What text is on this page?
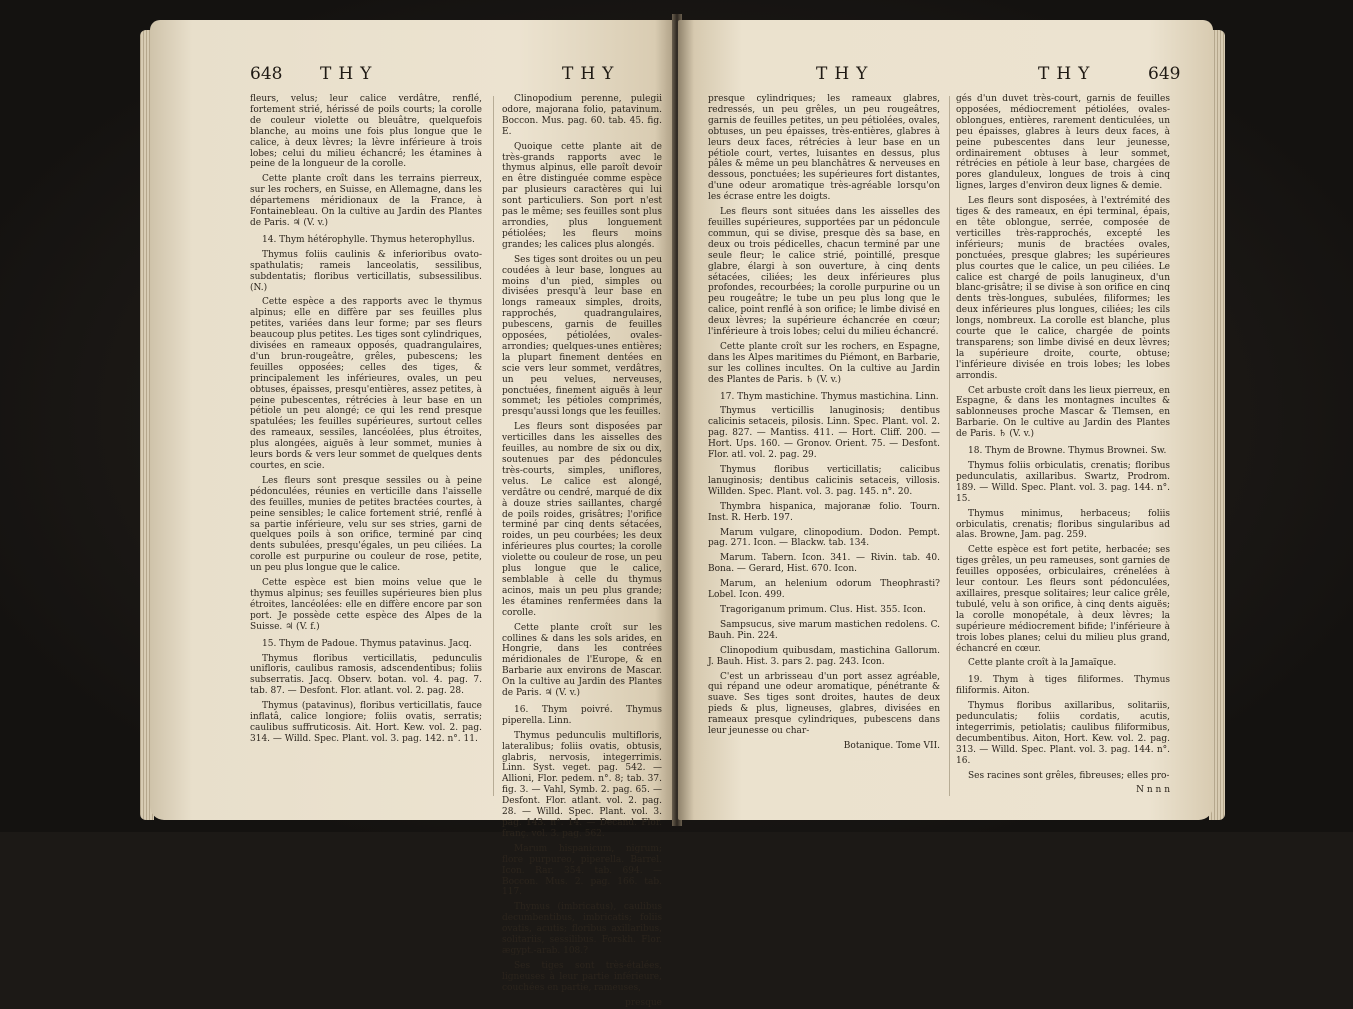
648 THY	THY

fleurs, velus; leur calice verdâtre, renflé, fortement strié, hérissé de poils courts; la corolle de couleur violette ou bleuâtre, quelquefois blanche, au moins une fois plus longue que le calice, à deux lèvres; la lèvre inférieure à trois lobes; celui du milieu échancré; les étamines à peine de la longueur de la corolle.

Cette plante croît dans les terrains pierreux, sur les rochers, en Suisse, en Allemagne, dans les départemens méridionaux de la France, à Fontainebleau. On la cultive au Jardin des Plantes de Paris. ♃ (V. v.)

14. Thym hétérophylle. Thymus heterophyllus.

Thymus foliis caulinis & inferioribus ovato-spathulatis; rameis lanceolatis, sessilibus, subdentatis; floribus verticillatis, subsessilibus. (N.)

Cette espèce a des rapports avec le thymus alpinus; elle en diffère par ses feuilles plus petites, variées dans leur forme; par ses fleurs beaucoup plus petites. Les tiges sont cylindriques, divisées en rameaux opposés, quadrangulaires, d'un brun-rougeâtre, grêles, pubescens; les feuilles opposées; celles des tiges, & principalement les inférieures, ovales, un peu obtuses, épaisses, presqu'entières, assez petites, à peine pubescentes, rétrécies à leur base en un pétiole un peu alongé; ce qui les rend presque spatulées; les feuilles supérieures, surtout celles des rameaux, sessiles, lancéolées, plus étroites, plus alongées, aiguës à leur sommet, munies à leurs bords & vers leur sommet de quelques dents courtes, en scie.

Les fleurs sont presque sessiles ou à peine pédonculées, réunies en verticille dans l'aisselle des feuilles, munies de petites bractées courtes, à peine sensibles; le calice fortement strié, renflé à sa partie inférieure, velu sur ses stries, garni de quelques poils à son orifice, terminé par cinq dents subulées, presqu'égales, un peu ciliées. La corolle est purpurine ou couleur de rose, petite, un peu plus longue que le calice.

Cette espèce est bien moins velue que le thymus alpinus; ses feuilles supérieures bien plus étroites, lancéolées: elle en diffère encore par son port. Je possède cette espèce des Alpes de la Suisse. ♃ (V. f.)

15. Thym de Padoue. Thymus patavinus. Jacq.

Thymus floribus verticillatis, pedunculis unifloris, caulibus ramosis, adscendentibus; foliis subserratis. Jacq. Observ. botan. vol. 4. pag. 7. tab. 87. — Desfont. Flor. atlant. vol. 2. pag. 28.

Thymus (patavinus), floribus verticillatis, fauce inflatâ, calice longiore; foliis ovatis, serratis; caulibus suffruticosis. Ait. Hort. Kew. vol. 2. pag. 314. — Willd. Spec. Plant. vol. 3. pag. 142. n°. 11.

Clinopodium perenne, pulegii odore, majorana folio, patavinum. Boccon. Mus. pag. 60. tab. 45. fig. E.

Quoique cette plante ait de très-grands rapports avec le thymus alpinus, elle paroît devoir en être distinguée comme espèce par plusieurs caractères qui lui sont particuliers. Son port n'est pas le même; ses feuilles sont plus arrondies, plus longuement pétiolées; les fleurs moins grandes; les calices plus alongés.

Ses tiges sont droites ou un peu coudées à leur base, longues au moins d'un pied, simples ou divisées presqu'à leur base en longs rameaux simples, droits, rapprochés, quadrangulaires, pubescens, garnis de feuilles opposées, pétiolées, ovales-arrondies; quelques-unes entières; la plupart finement dentées en scie vers leur sommet, verdâtres, un peu velues, nerveuses, ponctuées, finement aiguës à leur sommet; les pétioles comprimés, presqu'aussi longs que les feuilles.

Les fleurs sont disposées par verticilles dans les aisselles des feuilles, au nombre de six ou dix, soutenues par des pédoncules très-courts, simples, uniflores, velus. Le calice est alongé, verdâtre ou cendré, marqué de dix à douze stries saillantes, chargé de poils roides, grisâtres; l'orifice terminé par cinq dents sétacées, roides, un peu courbées; les deux inférieures plus courtes; la corolle violette ou couleur de rose, un peu plus longue que le calice, semblable à celle du thymus acinos, mais un peu plus grande; les étamines renfermées dans la corolle.

Cette plante croît sur les collines & dans les sols arides, en Hongrie, dans les contrées méridionales de l'Europe, & en Barbarie aux environs de Mascar. On la cultive au Jardin des Plantes de Paris. ♃ (V. v.)

16. Thym poivré. Thymus piperella. Linn.

Thymus pedunculis multifloris, lateralibus; foliis ovatis, obtusis, glabris, nervosis, integerrimis. Linn. Syst. veget. pag. 542. — Allioni, Flor. pedem. n°. 8; tab. 37. fig. 3. — Vahl, Symb. 2. pag. 65. — Desfont. Flor. atlant. vol. 2. pag. 28. — Willd. Spec. Plant. vol. 3. pag. 143. n°. 14. — Decand. Flor. franç. vol. 3. pag. 562.

Marum hispanicum, nigrum; flore purpureo, piperella. Barrel. Icon. Rar. 354. tab. 694. — Boccon. Mus. 2. pag. 166. tab. 117.

Thymus (imbricatus), caulibus decumbentibus, imbricatis; foliis ovatis, acutis; floribus axillaribus, solitariis, sessilibus. Forskh. Flor. ægypt.-arab. 108.?

Ses tiges sont très-étalées, ligneuses à leur partie inférieure, couchées en partie, rameuses,

presque

THY	THY	649

presque cylindriques; les rameaux glabres, redressés, un peu grêles, un peu rougeâtres, garnis de feuilles petites, un peu pétiolées, ovales, obtuses, un peu épaisses, très-entières, glabres à leurs deux faces, rétrécies à leur base en un pétiole court, vertes, luisantes en dessus, plus pâles & même un peu blanchâtres & nerveuses en dessous, ponctuées; les supérieures fort distantes, d'une odeur aromatique très-agréable lorsqu'on les écrase entre les doigts.

Les fleurs sont situées dans les aisselles des feuilles supérieures, supportées par un pédoncule commun, qui se divise, presque dès sa base, en deux ou trois pédicelles, chacun terminé par une seule fleur; le calice strié, pointillé, presque glabre, élargi à son ouverture, à cinq dents sétacées, ciliées; les deux inférieures plus profondes, recourbées; la corolle purpurine ou un peu rougeâtre; le tube un peu plus long que le calice, point renflé à son orifice; le limbe divisé en deux lèvres; la supérieure échancrée en cœur; l'inférieure à trois lobes; celui du milieu échancré.

Cette plante croît sur les rochers, en Espagne, dans les Alpes maritimes du Piémont, en Barbarie, sur les collines incultes. On la cultive au Jardin des Plantes de Paris. ♄ (V. v.)

17. Thym mastichine. Thymus mastichina. Linn.

Thymus verticillis lanuginosis; dentibus calicinis setaceis, pilosis. Linn. Spec. Plant. vol. 2. pag. 827. — Mantiss. 411. — Hort. Cliff. 200. — Hort. Ups. 160. — Gronov. Orient. 75. — Desfont. Flor. atl. vol. 2. pag. 29.

Thymus floribus verticillatis; calicibus lanuginosis; dentibus calicinis setaceis, villosis. Willden. Spec. Plant. vol. 3. pag. 145. n°. 20.

Thymbra hispanica, majoranæ folio. Tourn. Inst. R. Herb. 197.

Marum vulgare, clinopodium. Dodon. Pempt. pag. 271. Icon. — Blackw. tab. 134.

Marum. Tabern. Icon. 341. — Rivin. tab. 40. Bona. — Gerard, Hist. 670. Icon.

Marum, an helenium odorum Theophrasti? Lobel. Icon. 499.

Tragoriganum primum. Clus. Hist. 355. Icon.

Sampsucus, sive marum mastichen redolens. C. Bauh. Pin. 224.

Clinopodium quibusdam, mastichina Gallorum. J. Bauh. Hist. 3. pars 2. pag. 243. Icon.

C'est un arbrisseau d'un port assez agréable, qui répand une odeur aromatique, pénétrante & suave. Ses tiges sont droites, hautes de deux pieds & plus, ligneuses, glabres, divisées en rameaux presque cylindriques, pubescens dans leur jeunesse ou char-

Botanique. Tome VII.

gés d'un duvet très-court, garnis de feuilles opposées, médiocrement pétiolées, ovales-oblongues, entières, rarement denticulées, un peu épaisses, glabres à leurs deux faces, à peine pubescentes dans leur jeunesse, ordinairement obtuses à leur sommet, rétrécies en pétiole à leur base, chargées de pores glanduleux, longues de trois à cinq lignes, larges d'environ deux lignes & demie.

Les fleurs sont disposées, à l'extrémité des tiges & des rameaux, en épi terminal, épais, en tête oblongue, serrée, composée de verticilles très-rapprochés, excepté les inférieurs; munis de bractées ovales, ponctuées, presque glabres; les supérieures plus courtes que le calice, un peu ciliées. Le calice est chargé de poils lanugineux, d'un blanc-grisâtre; il se divise à son orifice en cinq dents très-longues, subulées, filiformes; les deux inférieures plus longues, ciliées; les cils longs, nombreux. La corolle est blanche, plus courte que le calice, chargée de points transparens; son limbe divisé en deux lèvres; la supérieure droite, courte, obtuse; l'inférieure divisée en trois lobes; les lobes arrondis.

Cet arbuste croît dans les lieux pierreux, en Espagne, & dans les montagnes incultes & sablonneuses proche Mascar & Tlemsen, en Barbarie. On le cultive au Jardin des Plantes de Paris. ♄ (V. v.)

18. Thym de Browne. Thymus Brownei. Sw.

Thymus foliis orbiculatis, crenatis; floribus pedunculatis, axillaribus. Swartz, Prodrom. 189. — Willd. Spec. Plant. vol. 3. pag. 144. n°. 15.

Thymus minimus, herbaceus; foliis orbiculatis, crenatis; floribus singularibus ad alas. Browne, Jam. pag. 259.

Cette espèce est fort petite, herbacée; ses tiges grêles, un peu rameuses, sont garnies de feuilles opposées, orbiculaires, crénelées à leur contour. Les fleurs sont pédonculées, axillaires, presque solitaires; leur calice grêle, tubulé, velu à son orifice, à cinq dents aiguës; la corolle monopétale, à deux lèvres; la supérieure médiocrement bifide; l'inférieure à trois lobes planes; celui du milieu plus grand, échancré en cœur.

Cette plante croît à la Jamaïque.

19. Thym à tiges filiformes. Thymus filiformis. Aiton.

Thymus floribus axillaribus, solitariis, pedunculatis; foliis cordatis, acutis, integerrimis, petiolatis; caulibus filiformibus, decumbentibus. Aiton, Hort. Kew. vol. 2. pag. 313. — Willd. Spec. Plant. vol. 3. pag. 144. n°. 16.

Ses racines sont grêles, fibreuses; elles pro-

N n n n
